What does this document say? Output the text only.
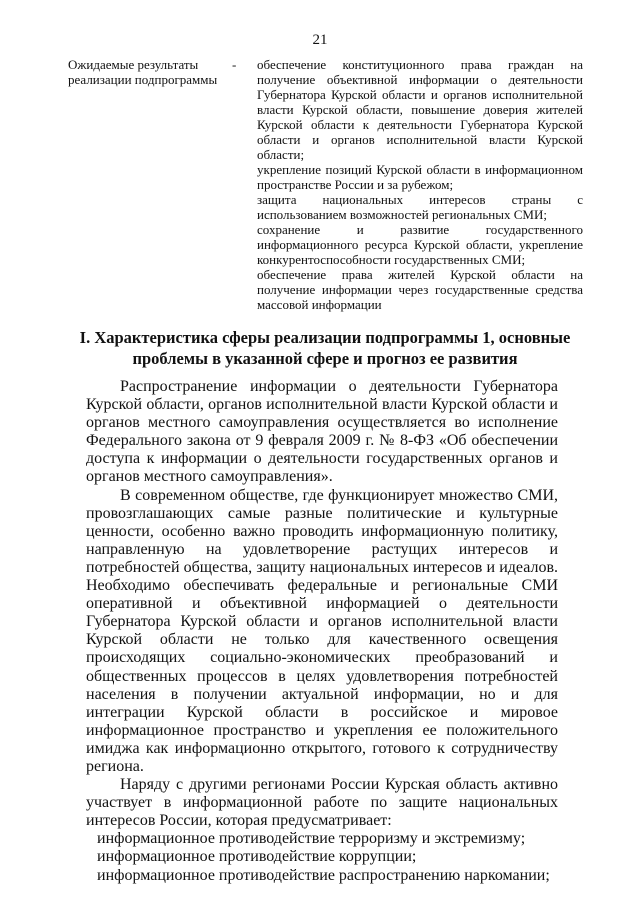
21
Ожидаемые результаты реализации подпрограммы
- обеспечение конституционного права граждан на получение объективной информации о деятельности Губернатора Курской области и органов исполнительной власти Курской области, повышение доверия жителей Курской области к деятельности Губернатора Курской области и органов исполнительной власти Курской области;

укрепление позиций Курской области в информационном пространстве России и за рубежом;

защита национальных интересов страны с использованием возможностей региональных СМИ;

сохранение и развитие государственного информационного ресурса Курской области, укрепление конкурентоспособности государственных СМИ;

обеспечение права жителей Курской области на получение информации через государственные средства массовой информации

I. Характеристика сферы реализации подпрограммы 1, основные проблемы в указанной сфере и прогноз ее развития

Распространение информации о деятельности Губернатора Курской области, органов исполнительной власти Курской области и органов местного самоуправления осуществляется во исполнение Федерального закона от 9 февраля 2009 г. № 8-ФЗ «Об обеспечении доступа к информации о деятельности государственных органов и органов местного самоуправления».

В современном обществе, где функционирует множество СМИ, провозглашающих самые разные политические и культурные ценности, особенно важно проводить информационную политику, направленную на удовлетворение растущих интересов и потребностей общества, защиту национальных интересов и идеалов. Необходимо обеспечивать федеральные и региональные СМИ оперативной и объективной информацией о деятельности Губернатора Курской области и органов исполнительной власти Курской области не только для качественного освещения происходящих социально-экономических преобразований и общественных процессов в целях удовлетворения потребностей населения в получении актуальной информации, но и для интеграции Курской области в российское и мировое информационное пространство и укрепления ее положительного имиджа как информационно открытого, готового к сотрудничеству региона.

Наряду с другими регионами России Курская область активно участвует в информационной работе по защите национальных интересов России, которая предусматривает:

информационное противодействие терроризму и экстремизму;
информационное противодействие коррупции;
информационное противодействие распространению наркомании;
